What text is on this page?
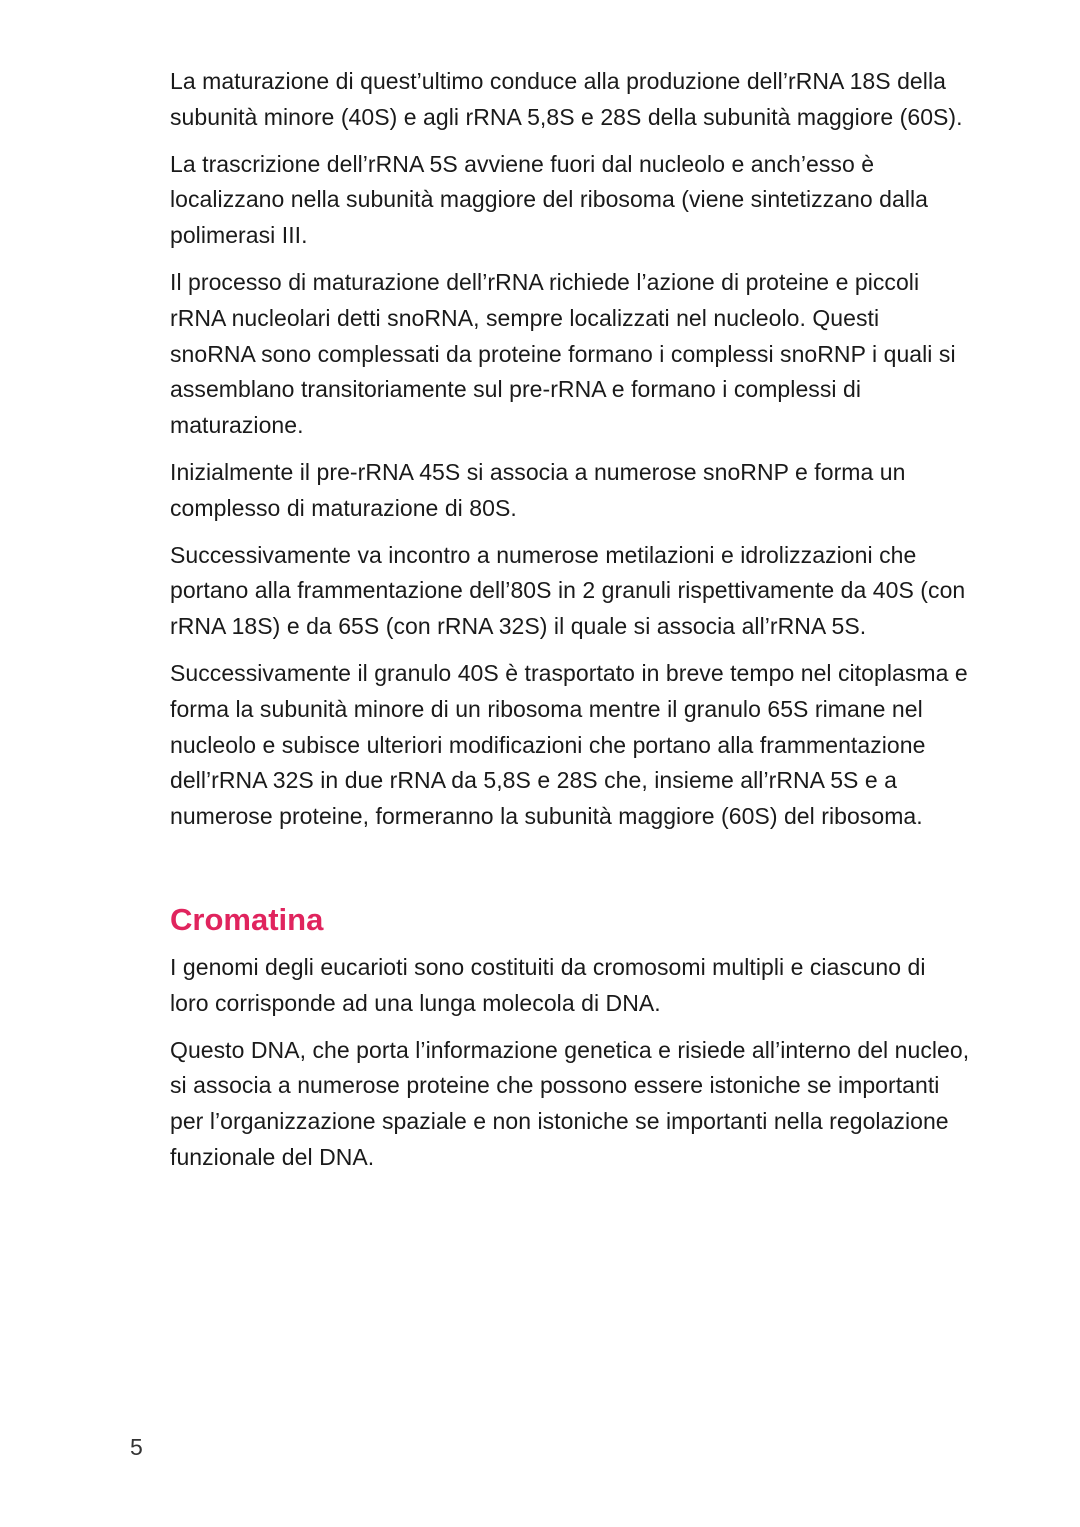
La maturazione di quest’ultimo conduce alla produzione dell’rRNA 18S della subunità minore (40S) e agli rRNA 5,8S e 28S della subunità maggiore (60S).

La trascrizione dell’rRNA 5S avviene fuori dal nucleolo e anch’esso è localizzano nella subunità maggiore del ribosoma (viene sintetizzano dalla polimerasi III.

Il processo di maturazione dell’rRNA richiede l’azione di proteine e piccoli rRNA nucleolari detti snoRNA, sempre localizzati nel nucleolo. Questi snoRNA sono complessati da proteine formano i complessi snoRNP i quali si assemblano transitoriamente sul pre-rRNA e formano i complessi di maturazione.

Inizialmente il pre-rRNA 45S si associa a numerose snoRNP e forma un complesso di maturazione di 80S.

Successivamente va incontro a numerose metilazioni e idrolizzazioni che portano alla frammentazione dell’80S in 2 granuli rispettivamente da 40S (con rRNA 18S) e da 65S (con rRNA 32S) il quale si associa all’rRNA 5S.

Successivamente il granulo 40S è trasportato in breve tempo nel citoplasma e forma la subunità minore di un ribosoma mentre il granulo 65S rimane nel nucleolo e subisce ulteriori modificazioni che portano alla frammentazione dell’rRNA 32S in due rRNA da 5,8S e 28S che, insieme all’rRNA 5S e a numerose proteine, formeranno la subunità maggiore (60S) del ribosoma.

Cromatina

I genomi degli eucarioti sono costituiti da cromosomi multipli e ciascuno di loro corrisponde ad una lunga molecola di DNA.

Questo DNA, che porta l’informazione genetica e risiede all’interno del nucleo, si associa a numerose proteine che possono essere istoniche se importanti per l’organizzazione spaziale e non istoniche se importanti nella regolazione funzionale del DNA.

5
